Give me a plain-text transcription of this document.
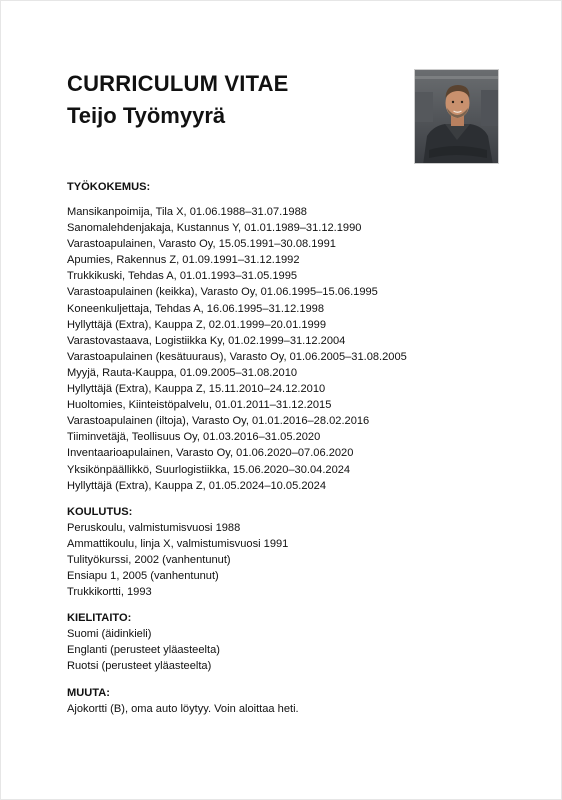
CURRICULUM VITAE
Teijo Työmyyrä
TYÖKOKEMUS:
Mansikanpoimija, Tila X, 01.06.1988–31.07.1988
Sanomalehdenjakaja, Kustannus Y, 01.01.1989–31.12.1990
Varastoapulainen, Varasto Oy, 15.05.1991–30.08.1991
Apumies, Rakennus Z, 01.09.1991–31.12.1992
Trukkikuski, Tehdas A, 01.01.1993–31.05.1995
Varastoapulainen (keikka), Varasto Oy, 01.06.1995–15.06.1995
Koneenkuljettaja, Tehdas A, 16.06.1995–31.12.1998
Hyllyttäjä (Extra), Kauppa Z, 02.01.1999–20.01.1999
Varastovastaava, Logistiikka Ky, 01.02.1999–31.12.2004
Varastoapulainen (kesätuuraus), Varasto Oy, 01.06.2005–31.08.2005
Myyjä, Rauta-Kauppa, 01.09.2005–31.08.2010
Hyllyttäjä (Extra), Kauppa Z, 15.11.2010–24.12.2010
Huoltomies, Kiinteistöpalvelu, 01.01.2011–31.12.2015
Varastoapulainen (iltoja), Varasto Oy, 01.01.2016–28.02.2016
Tiiminvetäjä, Teollisuus Oy, 01.03.2016–31.05.2020
Inventaarioapulainen, Varasto Oy, 01.06.2020–07.06.2020
Yksikönpäällikkö, Suurlogistiikka, 15.06.2020–30.04.2024
Hyllyttäjä (Extra), Kauppa Z, 01.05.2024–10.05.2024
KOULUTUS:
Peruskoulu, valmistumisvuosi 1988
Ammattikoulu, linja X, valmistumisvuosi 1991
Tulityökurssi, 2002 (vanhentunut)
Ensiapu 1, 2005 (vanhentunut)
Trukkikortti, 1993
KIELITAITO:
Suomi (äidinkieli)
Englanti (perusteet yläasteelta)
Ruotsi (perusteet yläasteelta)
MUUTA:
Ajokortti (B), oma auto löytyy. Voin aloittaa heti.
